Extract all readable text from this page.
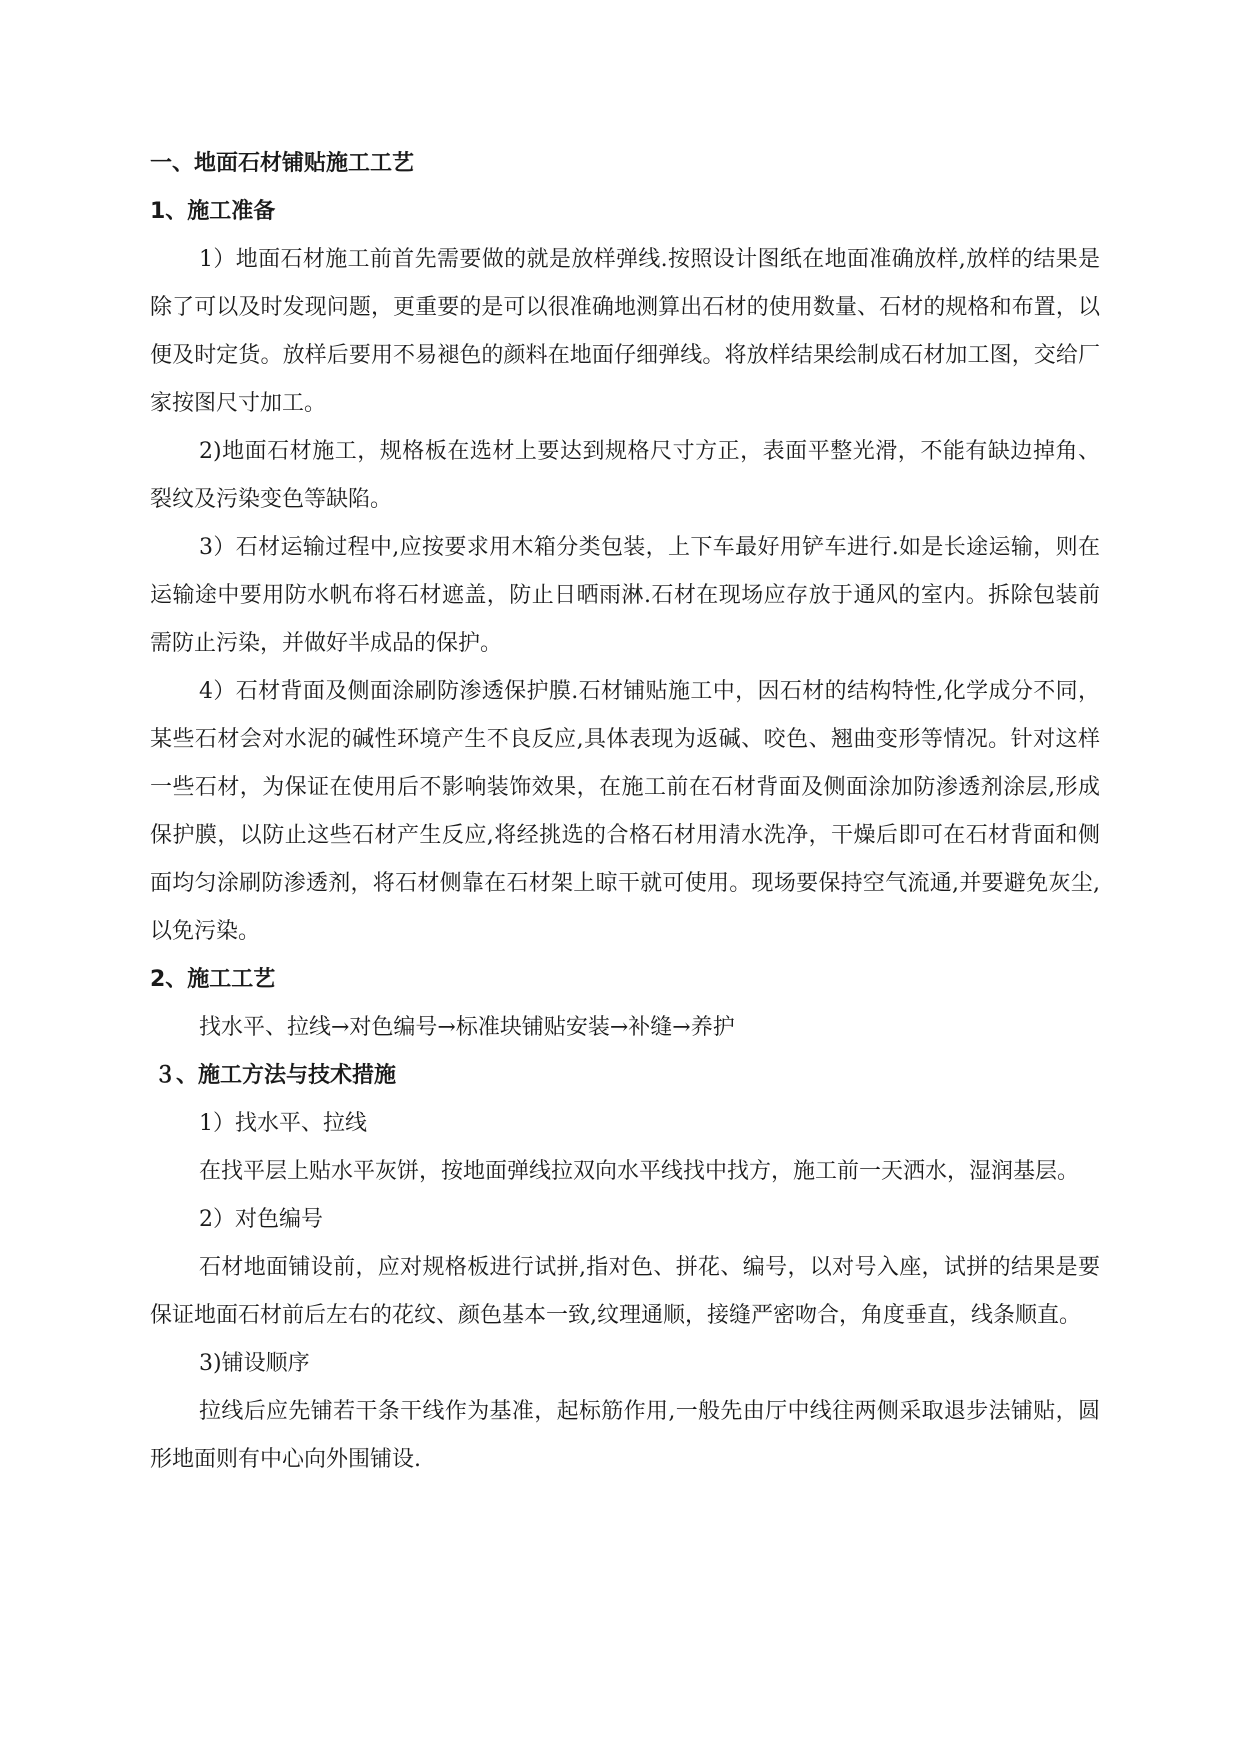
一、地面石材铺贴施工工艺
1、施工准备

1）地面石材施工前首先需要做的就是放样弹线.按照设计图纸在地面准确放样,放样的结果是除了可以及时发现问题，更重要的是可以很准确地测算出石材的使用数量、石材的规格和布置，以便及时定货。放样后要用不易褪色的颜料在地面仔细弹线。将放样结果绘制成石材加工图，交给厂家按图尺寸加工。

2)地面石材施工，规格板在选材上要达到规格尺寸方正，表面平整光滑，不能有缺边掉角、裂纹及污染变色等缺陷。

3）石材运输过程中,应按要求用木箱分类包装，上下车最好用铲车进行.如是长途运输，则在运输途中要用防水帆布将石材遮盖，防止日晒雨淋.石材在现场应存放于通风的室内。拆除包装前需防止污染，并做好半成品的保护。

4）石材背面及侧面涂刷防渗透保护膜.石材铺贴施工中，因石材的结构特性,化学成分不同，某些石材会对水泥的碱性环境产生不良反应,具体表现为返碱、咬色、翘曲变形等情况。针对这样一些石材，为保证在使用后不影响装饰效果，在施工前在石材背面及侧面涂加防渗透剂涂层,形成保护膜，以防止这些石材产生反应,将经挑选的合格石材用清水洗净，干燥后即可在石材背面和侧面均匀涂刷防渗透剂，将石材侧靠在石材架上晾干就可使用。现场要保持空气流通,并要避免灰尘,以免污染。

2、施工工艺

找水平、拉线→对色编号→标准块铺贴安装→补缝→养护

３、施工方法与技术措施

1）找水平、拉线

在找平层上贴水平灰饼，按地面弹线拉双向水平线找中找方，施工前一天洒水，湿润基层。

2）对色编号

石材地面铺设前，应对规格板进行试拼,指对色、拼花、编号，以对号入座，试拼的结果是要保证地面石材前后左右的花纹、颜色基本一致,纹理通顺，接缝严密吻合，角度垂直，线条顺直。

3)铺设顺序

拉线后应先铺若干条干线作为基准，起标筋作用,一般先由厅中线往两侧采取退步法铺贴，圆形地面则有中心向外围铺设.
